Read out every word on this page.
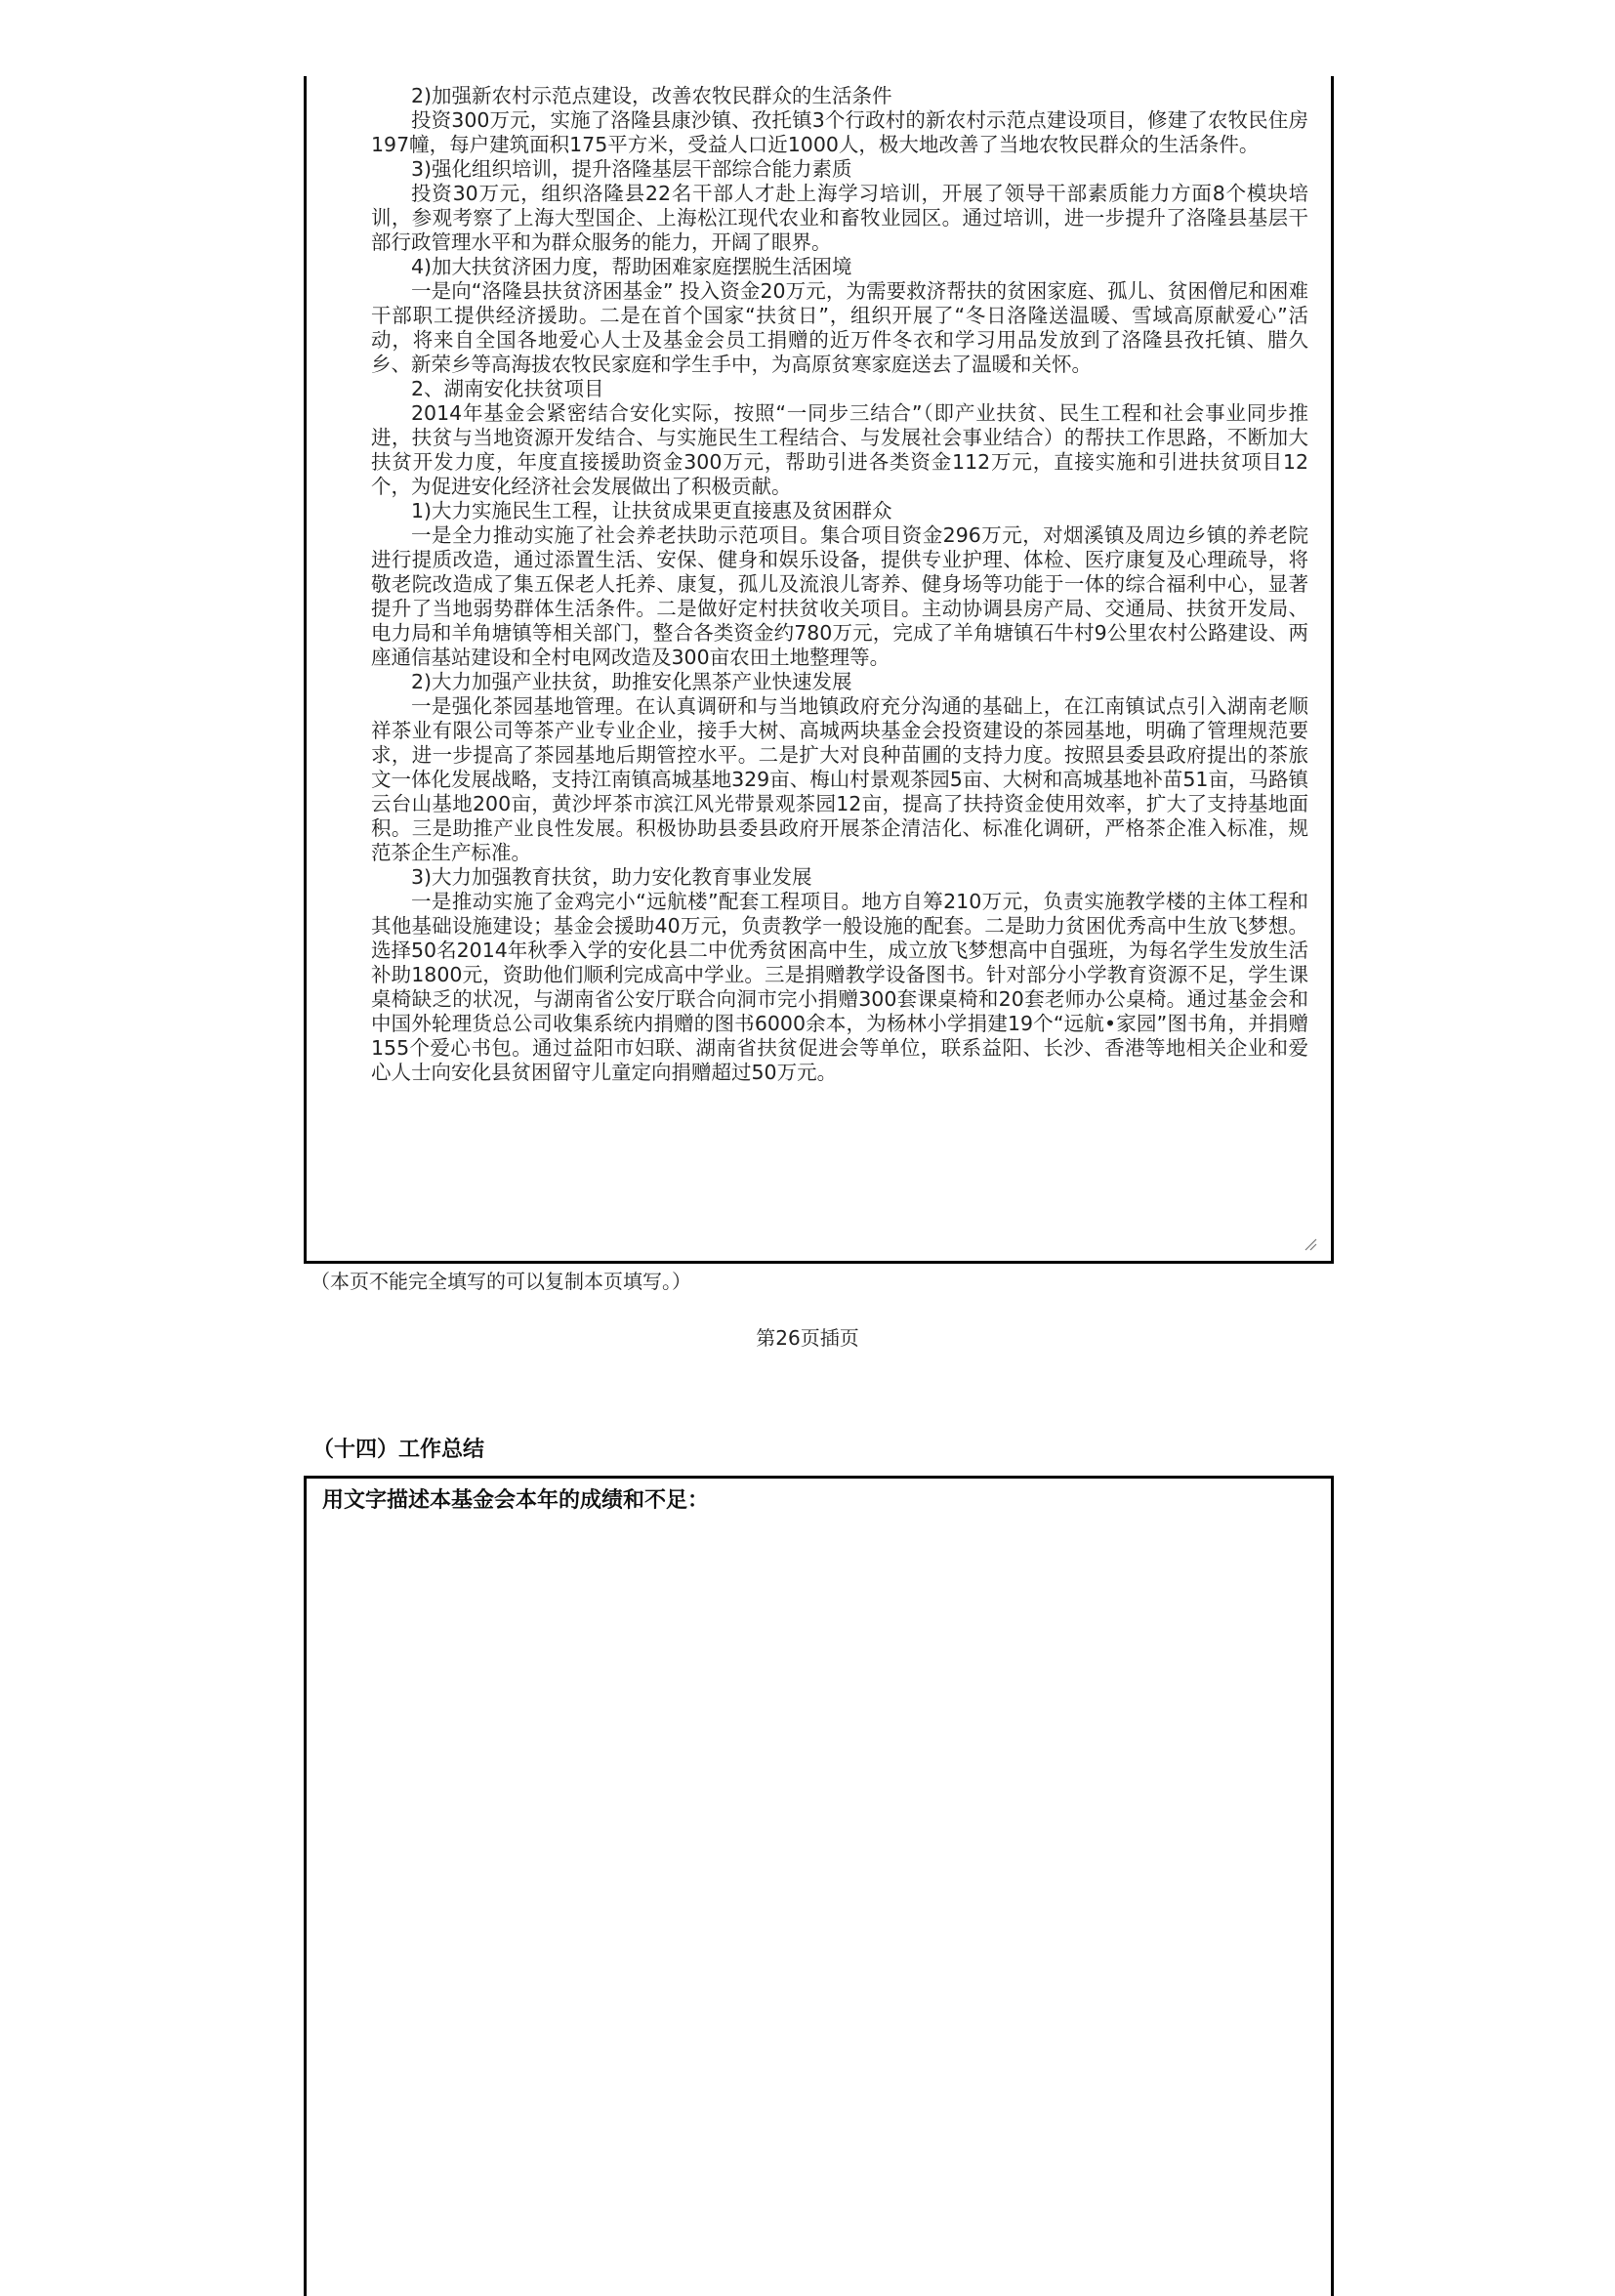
2)加强新农村示范点建设，改善农牧民群众的生活条件

投资300万元，实施了洛隆县康沙镇、孜托镇3个行政村的新农村示范点建设项目，修建了农牧民住房197幢，每户建筑面积175平方米，受益人口近1000人，极大地改善了当地农牧民群众的生活条件。

3)强化组织培训，提升洛隆基层干部综合能力素质

投资30万元，组织洛隆县22名干部人才赴上海学习培训，开展了领导干部素质能力方面8个模块培训，参观考察了上海大型国企、上海松江现代农业和畜牧业园区。通过培训，进一步提升了洛隆县基层干部行政管理水平和为群众服务的能力，开阔了眼界。

4)加大扶贫济困力度，帮助困难家庭摆脱生活困境

一是向“洛隆县扶贫济困基金” 投入资金20万元，为需要救济帮扶的贫困家庭、孤儿、贫困僧尼和困难干部职工提供经济援助。二是在首个国家“扶贫日”，组织开展了“冬日洛隆送温暖、雪域高原献爱心”活动，将来自全国各地爱心人士及基金会员工捐赠的近万件冬衣和学习用品发放到了洛隆县孜托镇、腊久乡、新荣乡等高海拔农牧民家庭和学生手中，为高原贫寒家庭送去了温暖和关怀。

2、湖南安化扶贫项目

2014年基金会紧密结合安化实际，按照“一同步三结合”（即产业扶贫、民生工程和社会事业同步推进，扶贫与当地资源开发结合、与实施民生工程结合、与发展社会事业结合）的帮扶工作思路，不断加大扶贫开发力度，年度直接援助资金300万元，帮助引进各类资金112万元，直接实施和引进扶贫项目12个，为促进安化经济社会发展做出了积极贡献。

1)大力实施民生工程，让扶贫成果更直接惠及贫困群众

一是全力推动实施了社会养老扶助示范项目。集合项目资金296万元，对烟溪镇及周边乡镇的养老院进行提质改造，通过添置生活、安保、健身和娱乐设备，提供专业护理、体检、医疗康复及心理疏导，将敬老院改造成了集五保老人托养、康复，孤儿及流浪儿寄养、健身场等功能于一体的综合福利中心，显著提升了当地弱势群体生活条件。二是做好定村扶贫收关项目。主动协调县房产局、交通局、扶贫开发局、电力局和羊角塘镇等相关部门，整合各类资金约780万元，完成了羊角塘镇石牛村9公里农村公路建设、两座通信基站建设和全村电网改造及300亩农田土地整理等。

2)大力加强产业扶贫，助推安化黑茶产业快速发展

一是强化茶园基地管理。在认真调研和与当地镇政府充分沟通的基础上，在江南镇试点引入湖南老顺祥茶业有限公司等茶产业专业企业，接手大树、高城两块基金会投资建设的茶园基地，明确了管理规范要求，进一步提高了茶园基地后期管控水平。二是扩大对良种苗圃的支持力度。按照县委县政府提出的茶旅文一体化发展战略，支持江南镇高城基地329亩、梅山村景观茶园5亩、大树和高城基地补苗51亩，马路镇云台山基地200亩，黄沙坪茶市滨江风光带景观茶园12亩，提高了扶持资金使用效率，扩大了支持基地面积。三是助推产业良性发展。积极协助县委县政府开展茶企清洁化、标准化调研，严格茶企准入标准，规范茶企生产标准。

3)大力加强教育扶贫，助力安化教育事业发展

一是推动实施了金鸡完小“远航楼”配套工程项目。地方自筹210万元，负责实施教学楼的主体工程和其他基础设施建设；基金会援助40万元，负责教学一般设施的配套。二是助力贫困优秀高中生放飞梦想。选择50名2014年秋季入学的安化县二中优秀贫困高中生，成立放飞梦想高中自强班，为每名学生发放生活补助1800元，资助他们顺利完成高中学业。三是捐赠教学设备图书。针对部分小学教育资源不足，学生课桌椅缺乏的状况，与湖南省公安厅联合向洞市完小捐赠300套课桌椅和20套老师办公桌椅。通过基金会和中国外轮理货总公司收集系统内捐赠的图书6000余本，为杨林小学捐建19个“远航•家园”图书角，并捐赠155个爱心书包。通过益阳市妇联、湖南省扶贫促进会等单位，联系益阳、长沙、香港等地相关企业和爱心人士向安化县贫困留守儿童定向捐赠超过50万元。

（本页不能完全填写的可以复制本页填写。）
第26页插页
（十四）工作总结
用文字描述本基金会本年的成绩和不足：
